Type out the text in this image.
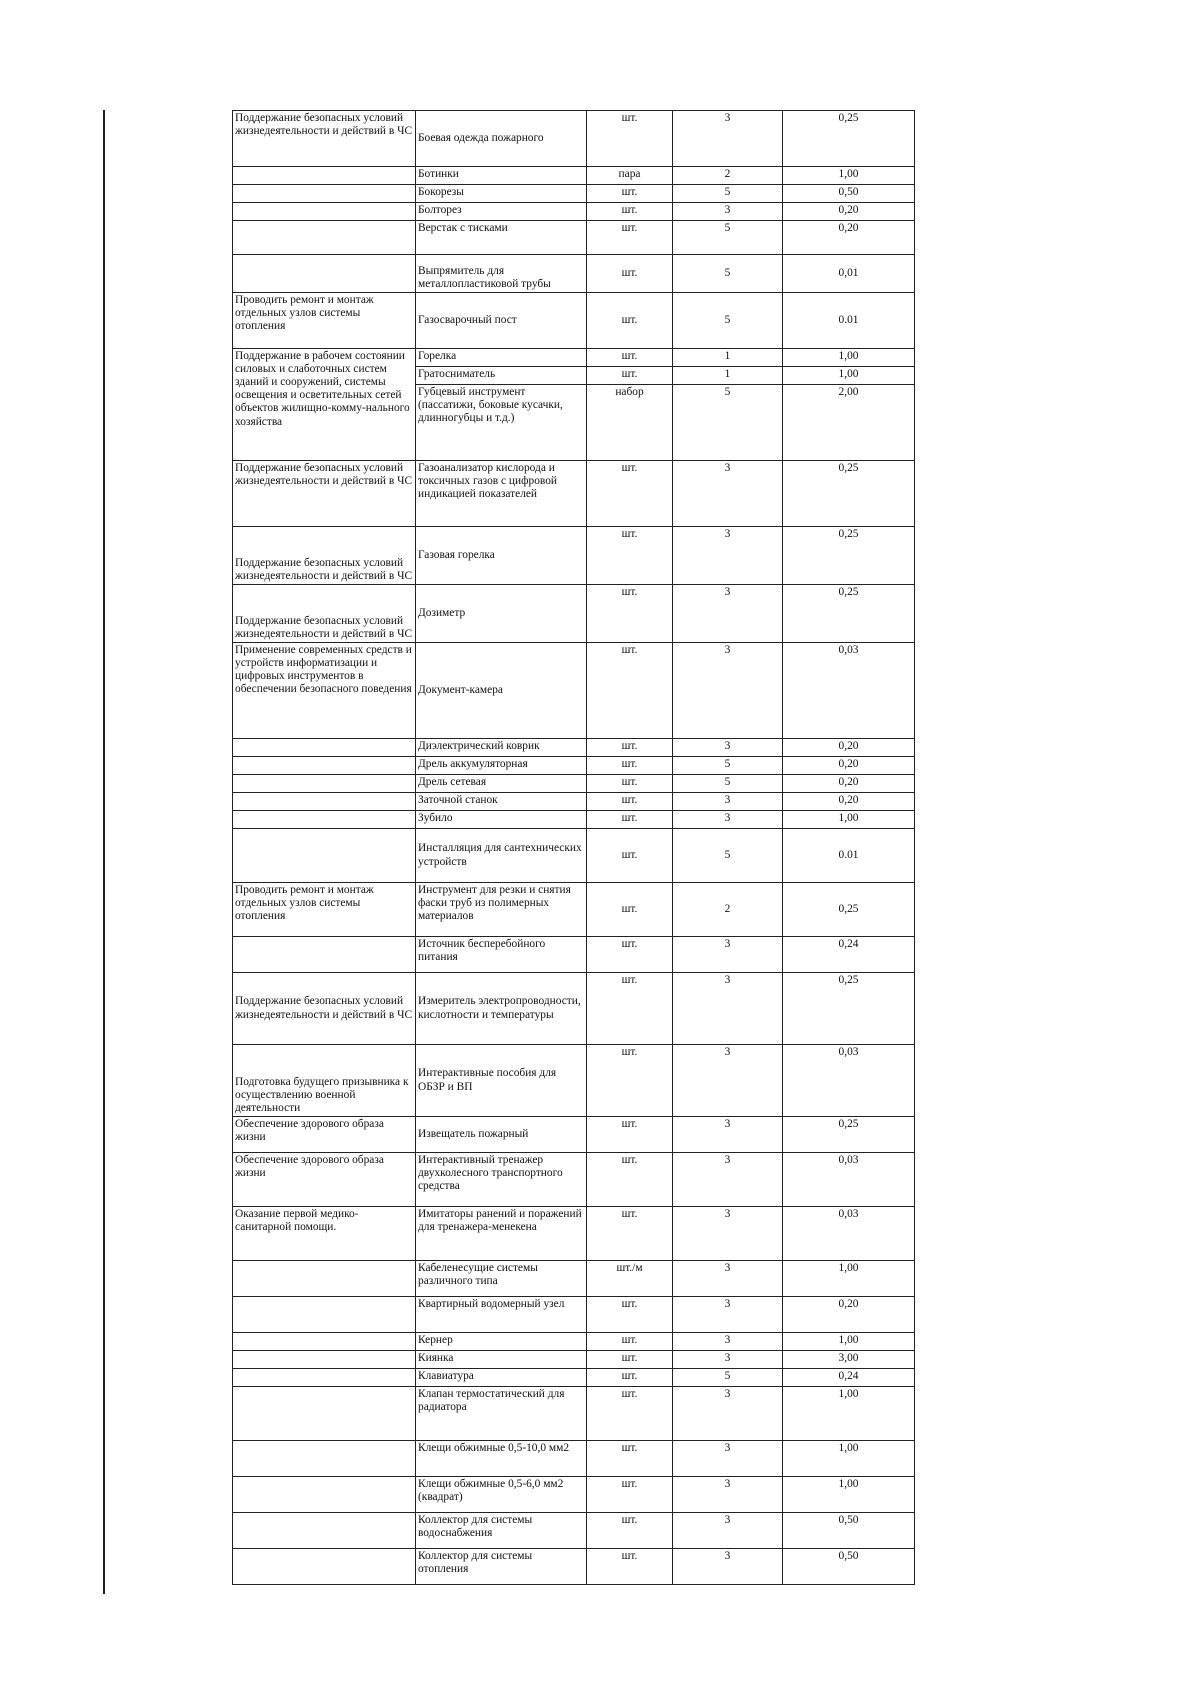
Поддержание безопасных условий жизнедеятельности и действий в ЧС	Боевая одежда пожарного	шт.	3	0,25
	Ботинки	пара	2	1,00
	Бокорезы	шт.	5	0,50
	Болторез	шт.	3	0,20
	Верстак с тисками	шт.	5	0,20
	Выпрямитель для металлопластиковой трубы	шт.	5	0,01
Проводить ремонт и монтаж отдельных узлов системы отопления	Газосварочный пост	шт.	5	0.01
Поддержание в рабочем состоянии силовых и слаботочных систем зданий и сооружений, системы освещения и осветительных сетей объектов жилищно-комму-нального хозяйства	Горелка	шт.	1	1,00
	Гратосниматель	шт.	1	1,00
	Губцевый инструмент (пассатижи, боковые кусачки, длинногубцы и т.д.)	набор	5	2,00
Поддержание безопасных условий жизнедеятельности и действий в ЧС	Газоанализатор кислорода и токсичных газов с цифровой индикацией показателей	шт.	3	0,25
Поддержание безопасных условий жизнедеятельности и действий в ЧС	Газовая горелка	шт.	3	0,25
Поддержание безопасных условий жизнедеятельности и действий в ЧС	Дозиметр	шт.	3	0,25
Применение современных средств и устройств информатизации и цифровых инструментов в обеспечении безопасного поведения	Документ-камера	шт.	3	0,03
	Диэлектрический коврик	шт.	3	0,20
	Дрель аккумуляторная	шт.	5	0,20
	Дрель сетевая	шт.	5	0,20
	Заточной станок	шт.	3	0,20
	Зубило	шт.	3	1,00
	Инсталляция для сантехнических устройств	шт.	5	0.01
Проводить ремонт и монтаж отдельных узлов системы отопления	Инструмент для резки и снятия фаски труб из полимерных материалов	шт.	2	0,25
	Источник бесперебойного питания	шт.	3	0,24
Поддержание безопасных условий жизнедеятельности и действий в ЧС	Измеритель электропроводности, кислотности и температуры	шт.	3	0,25
Подготовка будущего призывника к осуществлению военной деятельности	Интерактивные пособия для ОБЗР и ВП	шт.	3	0,03
Обеспечение здорового образа жизни	Извещатель пожарный	шт.	3	0,25
Обеспечение здорового образа жизни	Интерактивный тренажер двухколесного транспортного средства	шт.	3	0,03
Оказание первой медико-санитарной помощи.	Имитаторы ранений и поражений для тренажера-менекена	шт.	3	0,03
	Кабеленесущие системы различного типа	шт./м	3	1,00
	Квартирный водомерный узел	шт.	3	0,20
	Кернер	шт.	3	1,00
	Киянка	шт.	3	3,00
	Клавиатура	шт.	5	0,24
	Клапан термостатический для радиатора	шт.	3	1,00
	Клещи обжимные 0,5-10,0 мм2	шт.	3	1,00
	Клещи обжимные 0,5-6,0 мм2 (квадрат)	шт.	3	1,00
	Коллектор для системы водоснабжения	шт.	3	0,50
	Коллектор для системы отопления	шт.	3	0,50
